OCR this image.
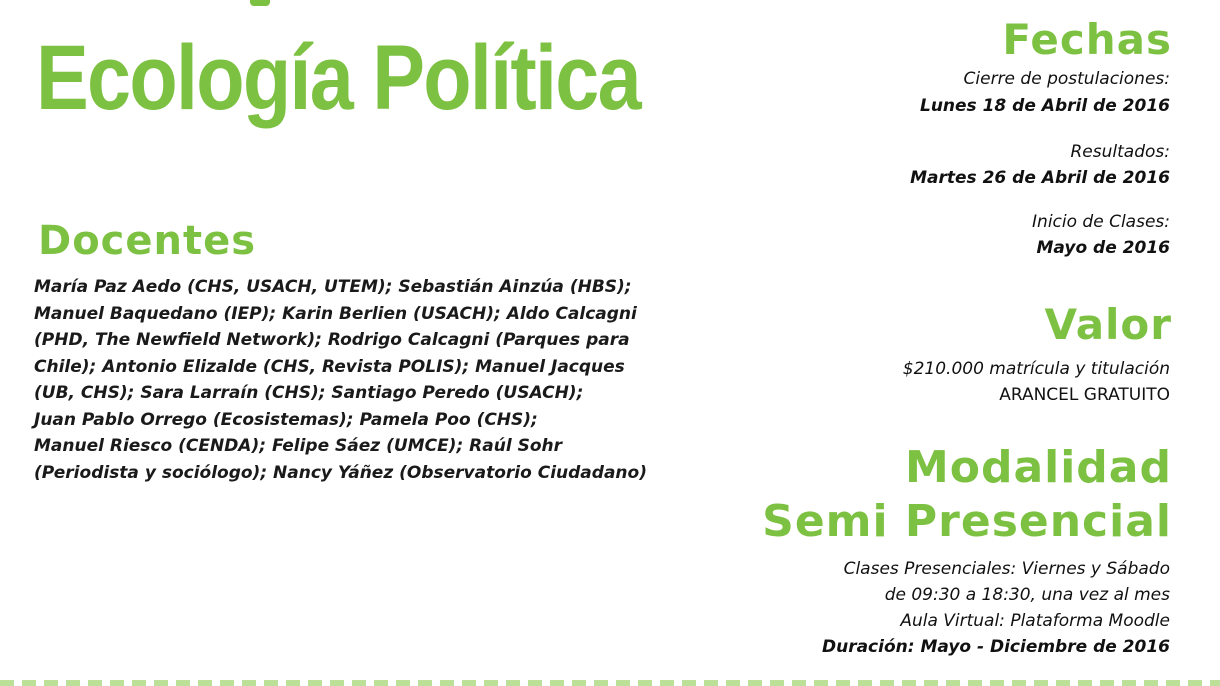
Ecología Política
Docentes
María Paz Aedo (CHS, USACH, UTEM); Sebastián Ainzúa (HBS);
Manuel Baquedano (IEP); Karin Berlien (USACH); Aldo Calcagni
(PHD, The Newfield Network); Rodrigo Calcagni (Parques para
Chile); Antonio Elizalde (CHS, Revista POLIS); Manuel Jacques
(UB, CHS); Sara Larraín (CHS); Santiago Peredo (USACH);
Juan Pablo Orrego (Ecosistemas); Pamela Poo (CHS);
Manuel Riesco (CENDA); Felipe Sáez (UMCE); Raúl Sohr
(Periodista y sociólogo); Nancy Yáñez (Observatorio Ciudadano)
Fechas
Cierre de postulaciones:
Lunes 18 de Abril de 2016
Resultados:
Martes 26 de Abril de 2016
Inicio de Clases:
Mayo de 2016
Valor
$210.000 matrícula y titulación
ARANCEL GRATUITO
Modalidad
Semi Presencial
Clases Presenciales: Viernes y Sábado
de 09:30 a 18:30, una vez al mes
Aula Virtual: Plataforma Moodle
Duración: Mayo - Diciembre de 2016
